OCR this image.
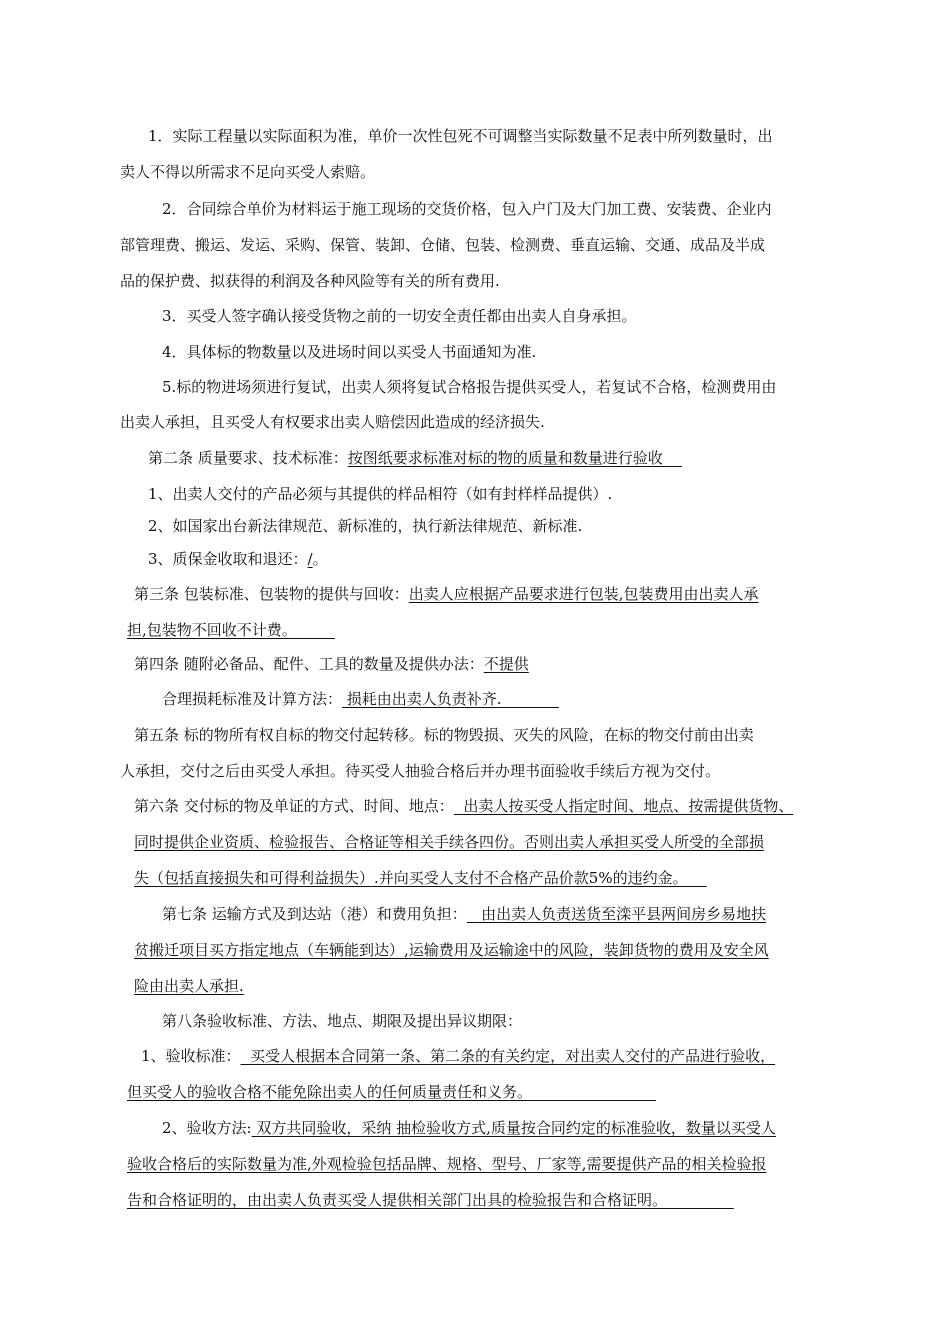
1．实际工程量以实际面积为准，单价一次性包死不可调整当实际数量不足表中所列数量时，出
卖人不得以所需求不足向买受人索赔。
2．合同综合单价为材料运于施工现场的交货价格，包入户门及大门加工费、安装费、企业内
部管理费、搬运、发运、采购、保管、装卸、仓储、包装、检测费、垂直运输、交通、成品及半成
品的保护费、拟获得的利润及各种风险等有关的所有费用.
3．买受人签字确认接受货物之前的一切安全责任都由出卖人自身承担。
4．具体标的物数量以及进场时间以买受人书面通知为准.
5.标的物进场须进行复试，出卖人须将复试合格报告提供买受人，若复试不合格，检测费用由
出卖人承担，且买受人有权要求出卖人赔偿因此造成的经济损失.
第二条 质量要求、技术标准：按图纸要求标准对标的物的质量和数量进行验收
1、出卖人交付的产品必须与其提供的样品相符（如有封样样品提供）.
2、如国家出台新法律规范、新标准的，执行新法律规范、新标准.
3、质保金收取和退还：/。
第三条 包装标准、包装物的提供与回收：出卖人应根据产品要求进行包装,包装费用由出卖人承
担,包装物不回收不计费。
第四条 随附必备品、配件、工具的数量及提供办法：不提供
合理损耗标准及计算方法： 损耗由出卖人负责补齐.
第五条 标的物所有权自标的物交付起转移。标的物毁损、灭失的风险，在标的物交付前由出卖
人承担，交付之后由买受人承担。待买受人抽验合格后并办理书面验收手续后方视为交付。
第六条 交付标的物及单证的方式、时间、地点：  出卖人按买受人指定时间、地点、按需提供货物、
同时提供企业资质、检验报告、合格证等相关手续各四份。否则出卖人承担买受人所受的全部损
失（包括直接损失和可得利益损失）.并向买受人支付不合格产品价款5%的违约金。
第七条 运输方式及到达站（港）和费用负担：   由出卖人负责送货至滦平县两间房乡易地扶
贫搬迁项目买方指定地点（车辆能到达）,运输费用及运输途中的风险，装卸货物的费用及安全风
险由出卖人承担.
第八条验收标准、方法、地点、期限及提出异议期限：
1、验收标准：  买受人根据本合同第一条、第二条的有关约定，对出卖人交付的产品进行验收，
但买受人的验收合格不能免除出卖人的任何质量责任和义务。
2、验收方法: 双方共同验收，采纳 抽检验收方式,质量按合同约定的标准验收，数量以买受人
验收合格后的实际数量为准,外观检验包括品牌、规格、型号、厂家等,需要提供产品的相关检验报
告和合格证明的，由出卖人负责买受人提供相关部门出具的检验报告和合格证明。
